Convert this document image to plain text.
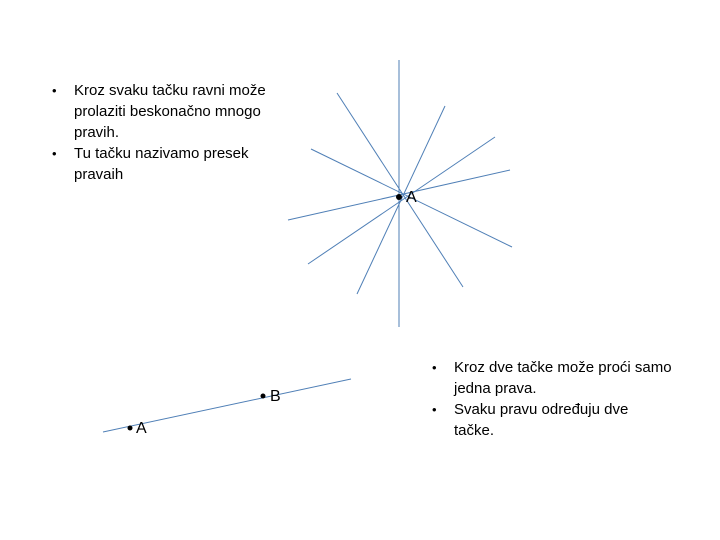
•	Kroz svaku tačku ravni može prolaziti beskonačno mnogo pravih.
•	Tu tačku nazivamo presek pravaih
•	Kroz dve tačke može proći samo jedna prava.
•	Svaku pravu određuju dve tačke.
A
A
B
